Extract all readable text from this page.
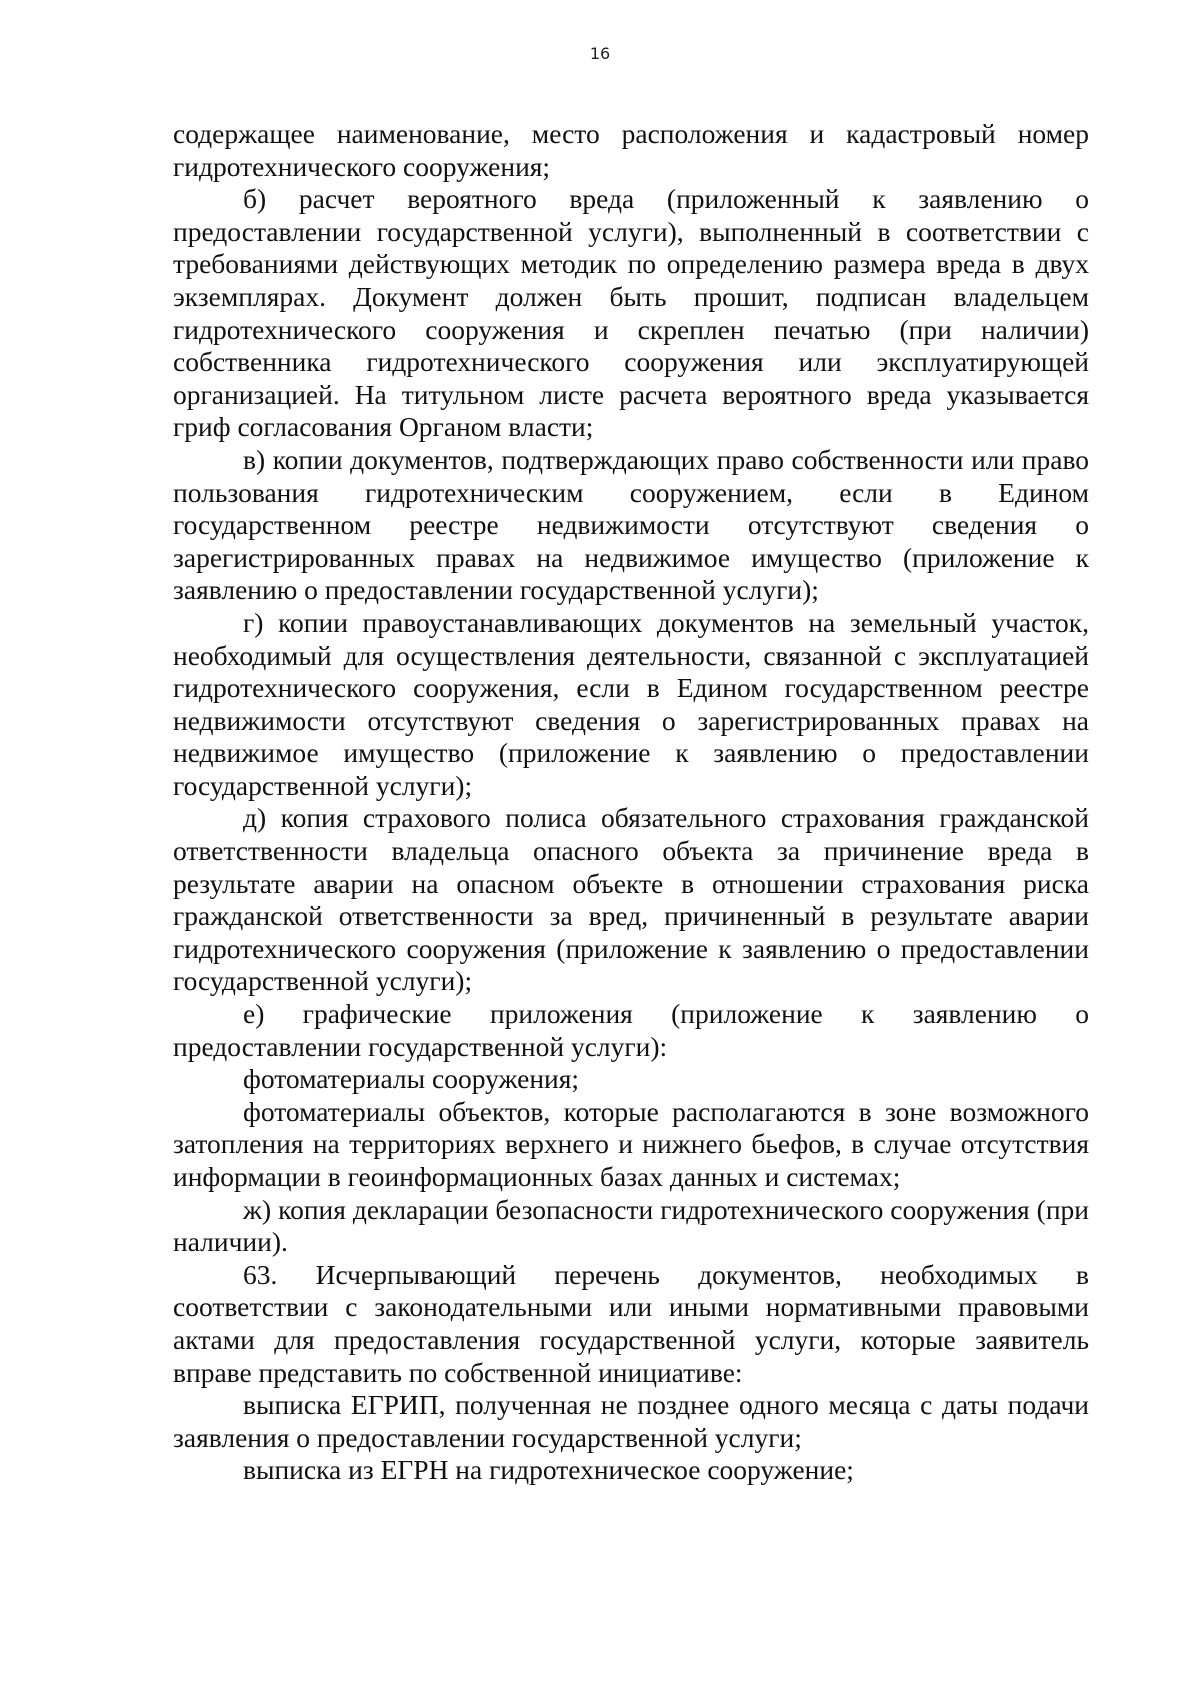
16

содержащее наименование, место расположения и кадастровый номер гидротехнического сооружения;

б) расчет вероятного вреда (приложенный к заявлению о предоставлении государственной услуги), выполненный в соответствии с требованиями действующих методик по определению размера вреда в двух экземплярах. Документ должен быть прошит, подписан владельцем гидротехнического сооружения и скреплен печатью (при наличии) собственника гидротехнического сооружения или эксплуатирующей организацией. На титульном листе расчета вероятного вреда указывается гриф согласования Органом власти;

в) копии документов, подтверждающих право собственности или право пользования гидротехническим сооружением, если в Едином государственном реестре недвижимости отсутствуют сведения о зарегистрированных правах на недвижимое имущество (приложение к заявлению о предоставлении государственной услуги);

г) копии правоустанавливающих документов на земельный участок, необходимый для осуществления деятельности, связанной с эксплуатацией гидротехнического сооружения, если в Едином государственном реестре недвижимости отсутствуют сведения о зарегистрированных правах на недвижимое имущество (приложение к заявлению о предоставлении государственной услуги);

д) копия страхового полиса обязательного страхования гражданской ответственности владельца опасного объекта за причинение вреда в результате аварии на опасном объекте в отношении страхования риска гражданской ответственности за вред, причиненный в результате аварии гидротехнического сооружения (приложение к заявлению о предоставлении государственной услуги);

е) графические приложения (приложение к заявлению о предоставлении государственной услуги):

фотоматериалы сооружения;

фотоматериалы объектов, которые располагаются в зоне возможного затопления на территориях верхнего и нижнего бьефов, в случае отсутствия информации в геоинформационных базах данных и системах;

ж) копия декларации безопасности гидротехнического сооружения (при наличии).

63. Исчерпывающий перечень документов, необходимых в соответствии с законодательными или иными нормативными правовыми актами для предоставления государственной услуги, которые заявитель вправе представить по собственной инициативе:

выписка ЕГРИП, полученная не позднее одного месяца с даты подачи заявления о предоставлении государственной услуги;

выписка из ЕГРН на гидротехническое сооружение;
